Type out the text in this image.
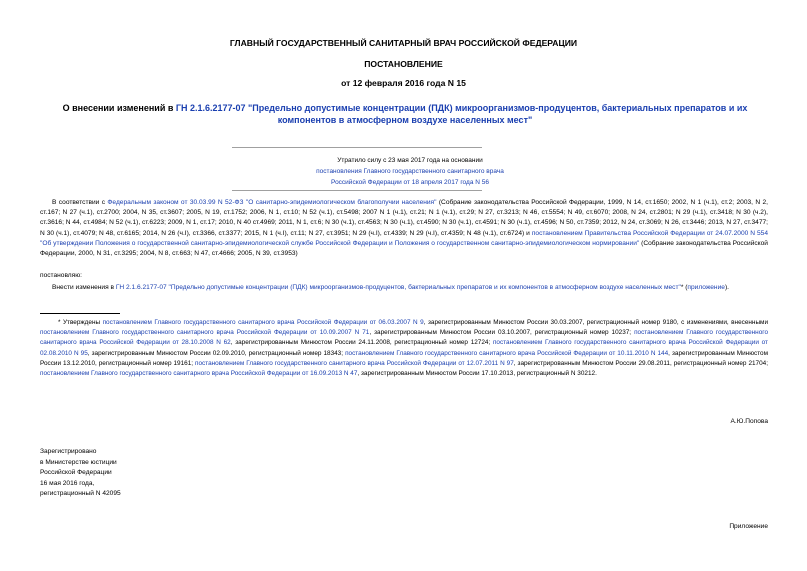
ГЛАВНЫЙ ГОСУДАРСТВЕННЫЙ САНИТАРНЫЙ ВРАЧ РОССИЙСКОЙ ФЕДЕРАЦИИ
ПОСТАНОВЛЕНИЕ
от 12 февраля 2016 года N 15
О внесении изменений в ГН 2.1.6.2177-07 "Предельно допустимые концентрации (ПДК) микроорганизмов-продуцентов, бактериальных препаратов и их компонентов в атмосферном воздухе населенных мест"
Утратило силу с 23 мая 2017 года на основании
постановления Главного государственного санитарного врача
Российской Федерации от 18 апреля 2017 года N 56
В соответствии с Федеральным законом от 30.03.99 N 52-ФЗ "О санитарно-эпидемиологическом благополучии населения" (Собрание законодательства Российской Федерации, 1999, N 14, ст.1650; 2002, N 1 (ч.1), ст.2; 2003, N 2, ст.167; N 27 (ч.1), ст.2700; 2004, N 35, ст.3607; 2005, N 19, ст.1752; 2006, N 1, ст.10; N 52 (ч.1), ст.5498; 2007 N 1 (ч.1), ст.21; N 1 (ч.1), ст.29; N 27, ст.3213; N 46, ст.5554; N 49, ст.6070; 2008, N 24, ст.2801; N 29 (ч.1), ст.3418; N 30 (ч.2), ст.3616; N 44, ст.4984; N 52 (ч.1), ст.6223; 2009, N 1, ст.17; 2010, N 40 ст.4969; 2011, N 1, ст.6; N 30 (ч.1), ст.4563; N 30 (ч.1), ст.4590; N 30 (ч.1), ст.4591; N 30 (ч.1), ст.4596; N 50, ст.7359; 2012, N 24, ст.3069; N 26, ст.3446; 2013, N 27, ст.3477; N 30 (ч.1), ст.4079; N 48, ст.6165; 2014, N 26 (ч.I), ст.3366, ст.3377; 2015, N 1 (ч.I), ст.11; N 27, ст.3951; N 29 (ч.I), ст.4339; N 29 (ч.I), ст.4359; N 48 (ч.1), ст.6724) и постановлением Правительства Российской Федерации от 24.07.2000 N 554 "Об утверждении Положения о государственной санитарно-эпидемиологической службе Российской Федерации и Положения о государственном санитарно-эпидемиологическом нормировании" (Собрание законодательства Российской Федерации, 2000, N 31, ст.3295; 2004, N 8, ст.663; N 47, ст.4666; 2005, N 39, ст.3953)
постановляю:
Внести изменения в ГН 2.1.6.2177-07 "Предельно допустимые концентрации (ПДК) микроорганизмов-продуцентов, бактериальных препаратов и их компонентов в атмосферном воздухе населенных мест"* (приложение).
* Утверждены постановлением Главного государственного санитарного врача Российской Федерации от 06.03.2007 N 9, зарегистрированным Минюстом России 30.03.2007, регистрационный номер 9180, с изменениями, внесенными постановлением Главного государственного санитарного врача Российской Федерации от 10.09.2007 N 71, зарегистрированным Минюстом России 03.10.2007, регистрационный номер 10237; постановлением Главного государственного санитарного врача Российской Федерации от 28.10.2008 N 62, зарегистрированным Минюстом России 24.11.2008, регистрационный номер 12724; постановлением Главного государственного санитарного врача Российской Федерации от 02.08.2010 N 95, зарегистрированным Минюстом России 02.09.2010, регистрационный номер 18343; постановлением Главного государственного санитарного врача Российской Федерации от 10.11.2010 N 144, зарегистрированным Минюстом России 13.12.2010, регистрационный номер 19161; постановлением Главного государственного санитарного врача Российской Федерации от 12.07.2011 N 97, зарегистрированным Минюстом России 29.08.2011, регистрационный номер 21704; постановлением Главного государственного санитарного врача Российской Федерации от 16.09.2013 N 47, зарегистрированным Минюстом России 17.10.2013, регистрационный N 30212.
А.Ю.Попова
Зарегистрировано
в Министерстве юстиции
Российской Федерации
16 мая 2016 года,
регистрационный N 42095
Приложение
